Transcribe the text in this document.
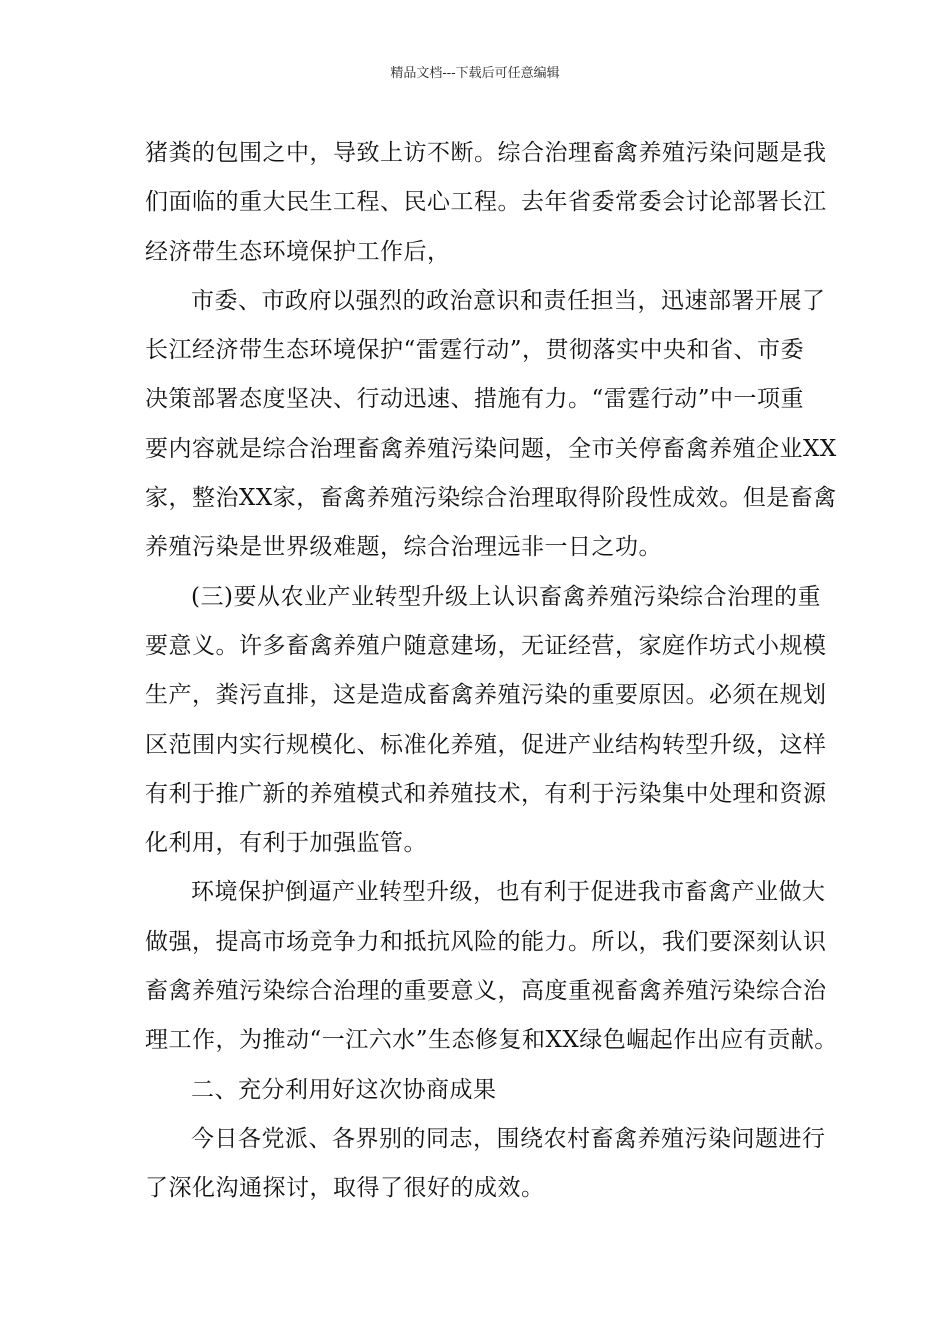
精品文档---下载后可任意编辑
猪粪的包围之中，导致上访不断。综合治理畜禽养殖污染问题是我
们面临的重大民生工程、民心工程。去年省委常委会讨论部署长江
经济带生态环境保护工作后，
市委、市政府以强烈的政治意识和责任担当，迅速部署开展了
长江经济带生态环境保护“雷霆行动”，贯彻落实中央和省、市委
决策部署态度坚决、行动迅速、措施有力。“雷霆行动”中一项重
要内容就是综合治理畜禽养殖污染问题，全市关停畜禽养殖企业XX
家，整治XX家，畜禽养殖污染综合治理取得阶段性成效。但是畜禽
养殖污染是世界级难题，综合治理远非一日之功。
(三)要从农业产业转型升级上认识畜禽养殖污染综合治理的重
要意义。许多畜禽养殖户随意建场，无证经营，家庭作坊式小规模
生产，粪污直排，这是造成畜禽养殖污染的重要原因。必须在规划
区范围内实行规模化、标准化养殖，促进产业结构转型升级，这样
有利于推广新的养殖模式和养殖技术，有利于污染集中处理和资源
化利用，有利于加强监管。
环境保护倒逼产业转型升级，也有利于促进我市畜禽产业做大
做强，提高市场竞争力和抵抗风险的能力。所以，我们要深刻认识
畜禽养殖污染综合治理的重要意义，高度重视畜禽养殖污染综合治
理工作，为推动“一江六水”生态修复和XX绿色崛起作出应有贡献。
二、充分利用好这次协商成果
今日各党派、各界别的同志，围绕农村畜禽养殖污染问题进行
了深化沟通探讨，取得了很好的成效。
